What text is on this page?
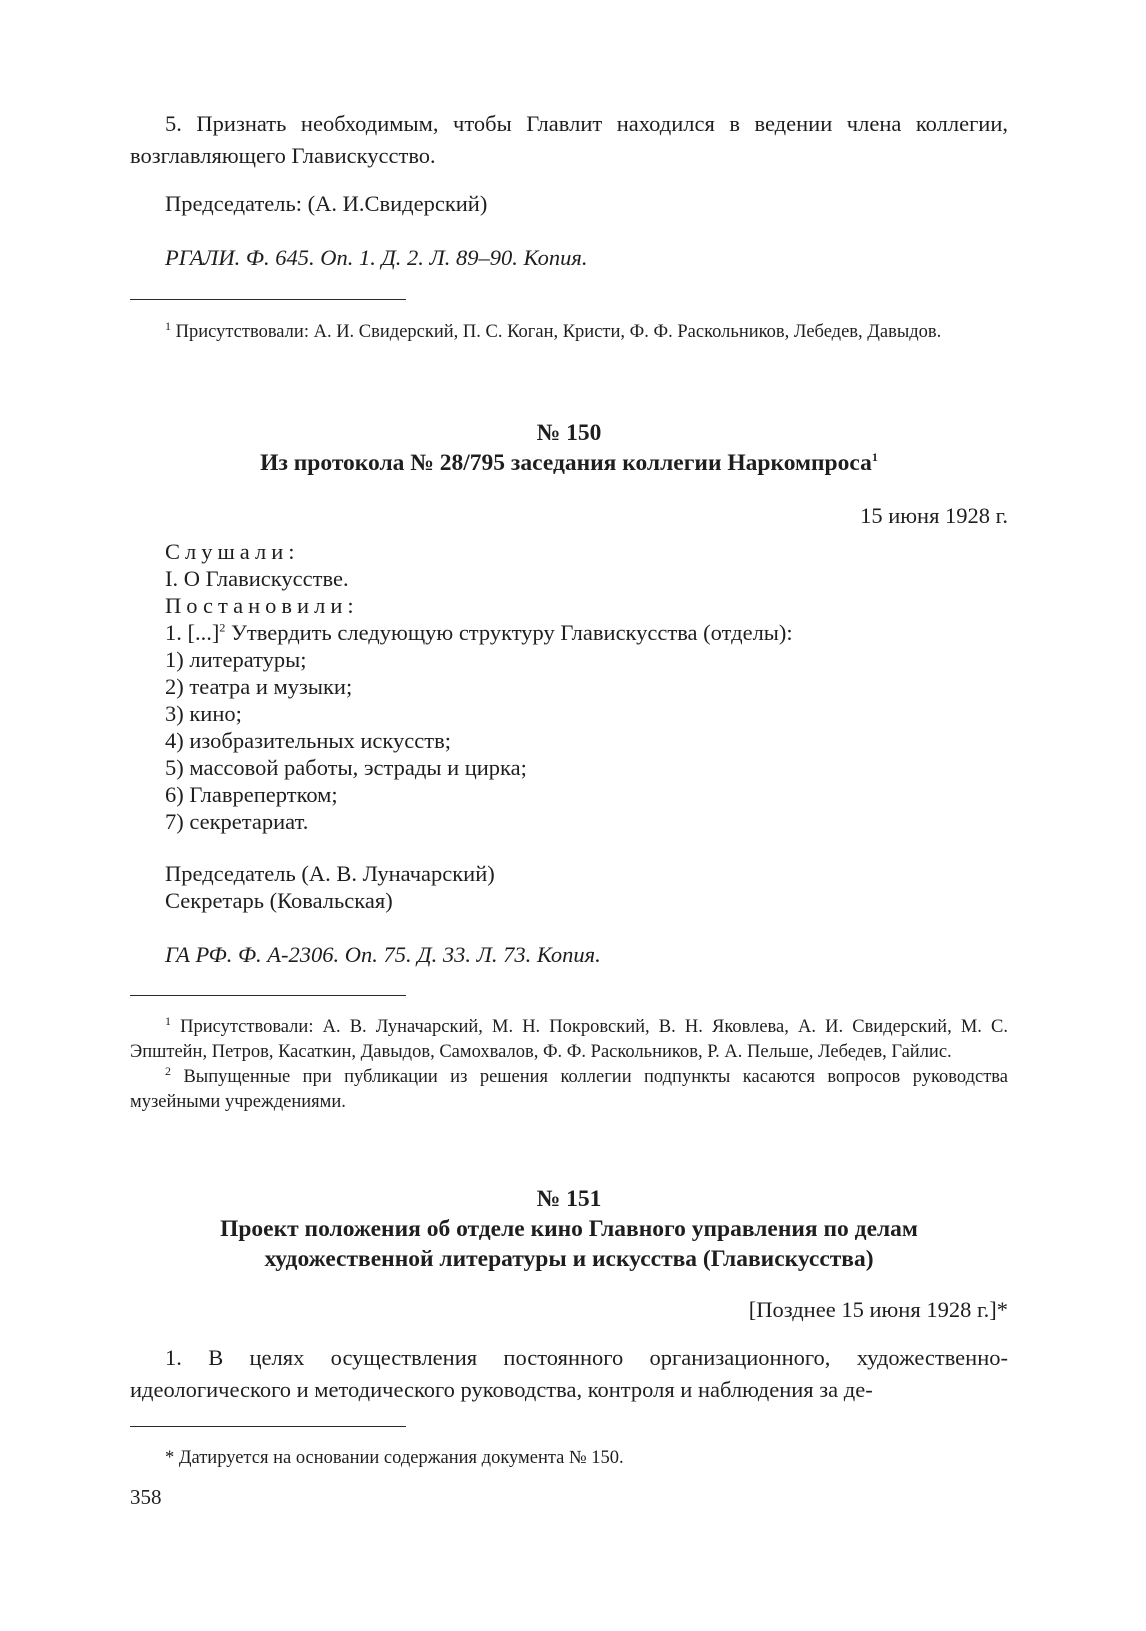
5. Признать необходимым, чтобы Главлит находился в ведении члена коллегии, возглавляющего Главискусство.

Председатель: (А. И.Свидерский)

РГАЛИ. Ф. 645. Оп. 1. Д. 2. Л. 89–90. Копия.

$^1$ Присутствовали: А. И. Свидерский, П. С. Коган, Кристи, Ф. Ф. Раскольников, Лебедев, Давыдов.

№ 150

Из протокола № 28/795 заседания коллегии Наркомпроса$^1$

15 июня 1928 г.

Слушали:

I. О Главискусстве.

Постановили:

1. [...]$^2$ Утвердить следующую структуру Главискусства (отделы):

1) литературы;

2) театра и музыки;

3) кино;

4) изобразительных искусств;

5) массовой работы, эстрады и цирка;

6) Главрепертком;

7) секретариат.

Председатель (А. В. Луначарский)

Секретарь (Ковальская)

ГА РФ. Ф. А-2306. Оп. 75. Д. 33. Л. 73. Копия.

$^1$ Присутствовали: А. В. Луначарский, М. Н. Покровский, В. Н. Яковлева, А. И. Свидерский, М. С. Эпштейн, Петров, Касаткин, Давыдов, Самохвалов, Ф. Ф. Раскольников, Р. А. Пельше, Лебедев, Гайлис.

$^2$ Выпущенные при публикации из решения коллегии подпункты касаются вопросов руководства музейными учреждениями.

№ 151

Проект положения об отделе кино Главного управления по делам

художественной литературы и искусства (Главискусства)

[Позднее 15 июня 1928 г.]*

1. В целях осуществления постоянного организационного, художественно-идеологического и методического руководства, контроля и наблюдения за де-

* Датируется на основании содержания документа № 150.

358
